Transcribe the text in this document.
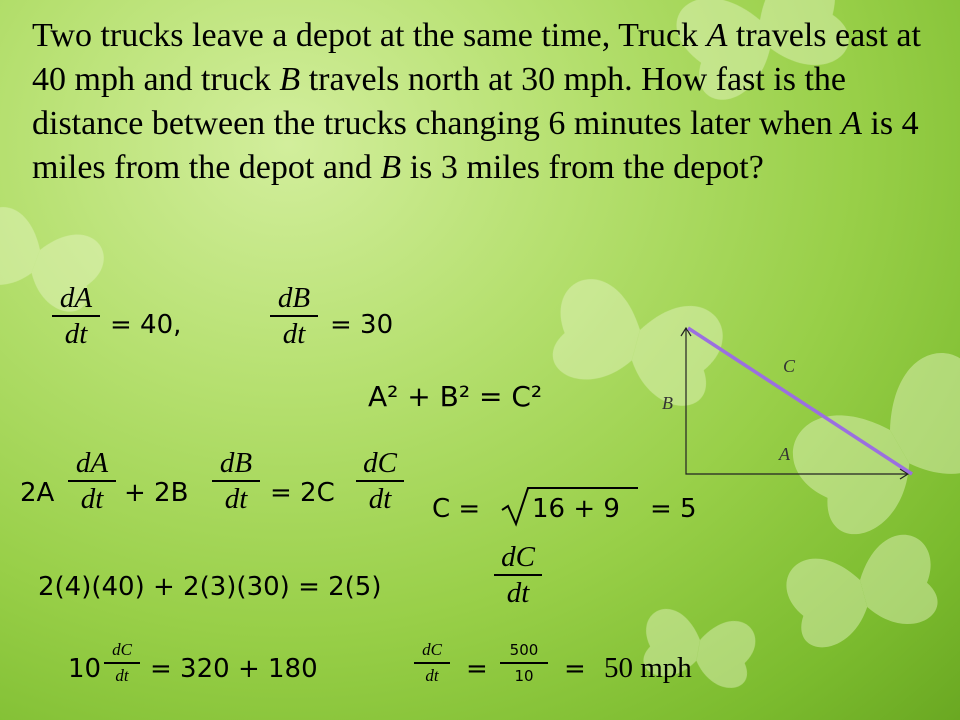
Two trucks leave a depot at the same time, Truck A travels east at 40 mph and truck B travels north at 30 mph. How fast is the distance between the trucks changing 6 minutes later when A is 4 miles from the depot and B is 3 miles from the depot?

dA
dt = 40,
dB
dt = 30
A² + B² = C²
2A
dA
dt + 2B
dB
dt = 2C
dC
dt	C = 16 + 9 = 5
2(4)(40) + 2(3)(30) = 2(5)
dC
dt
10
dC
dt = 320 + 180
dC
dt	=
500
10	= 50 mph
C
B
A
